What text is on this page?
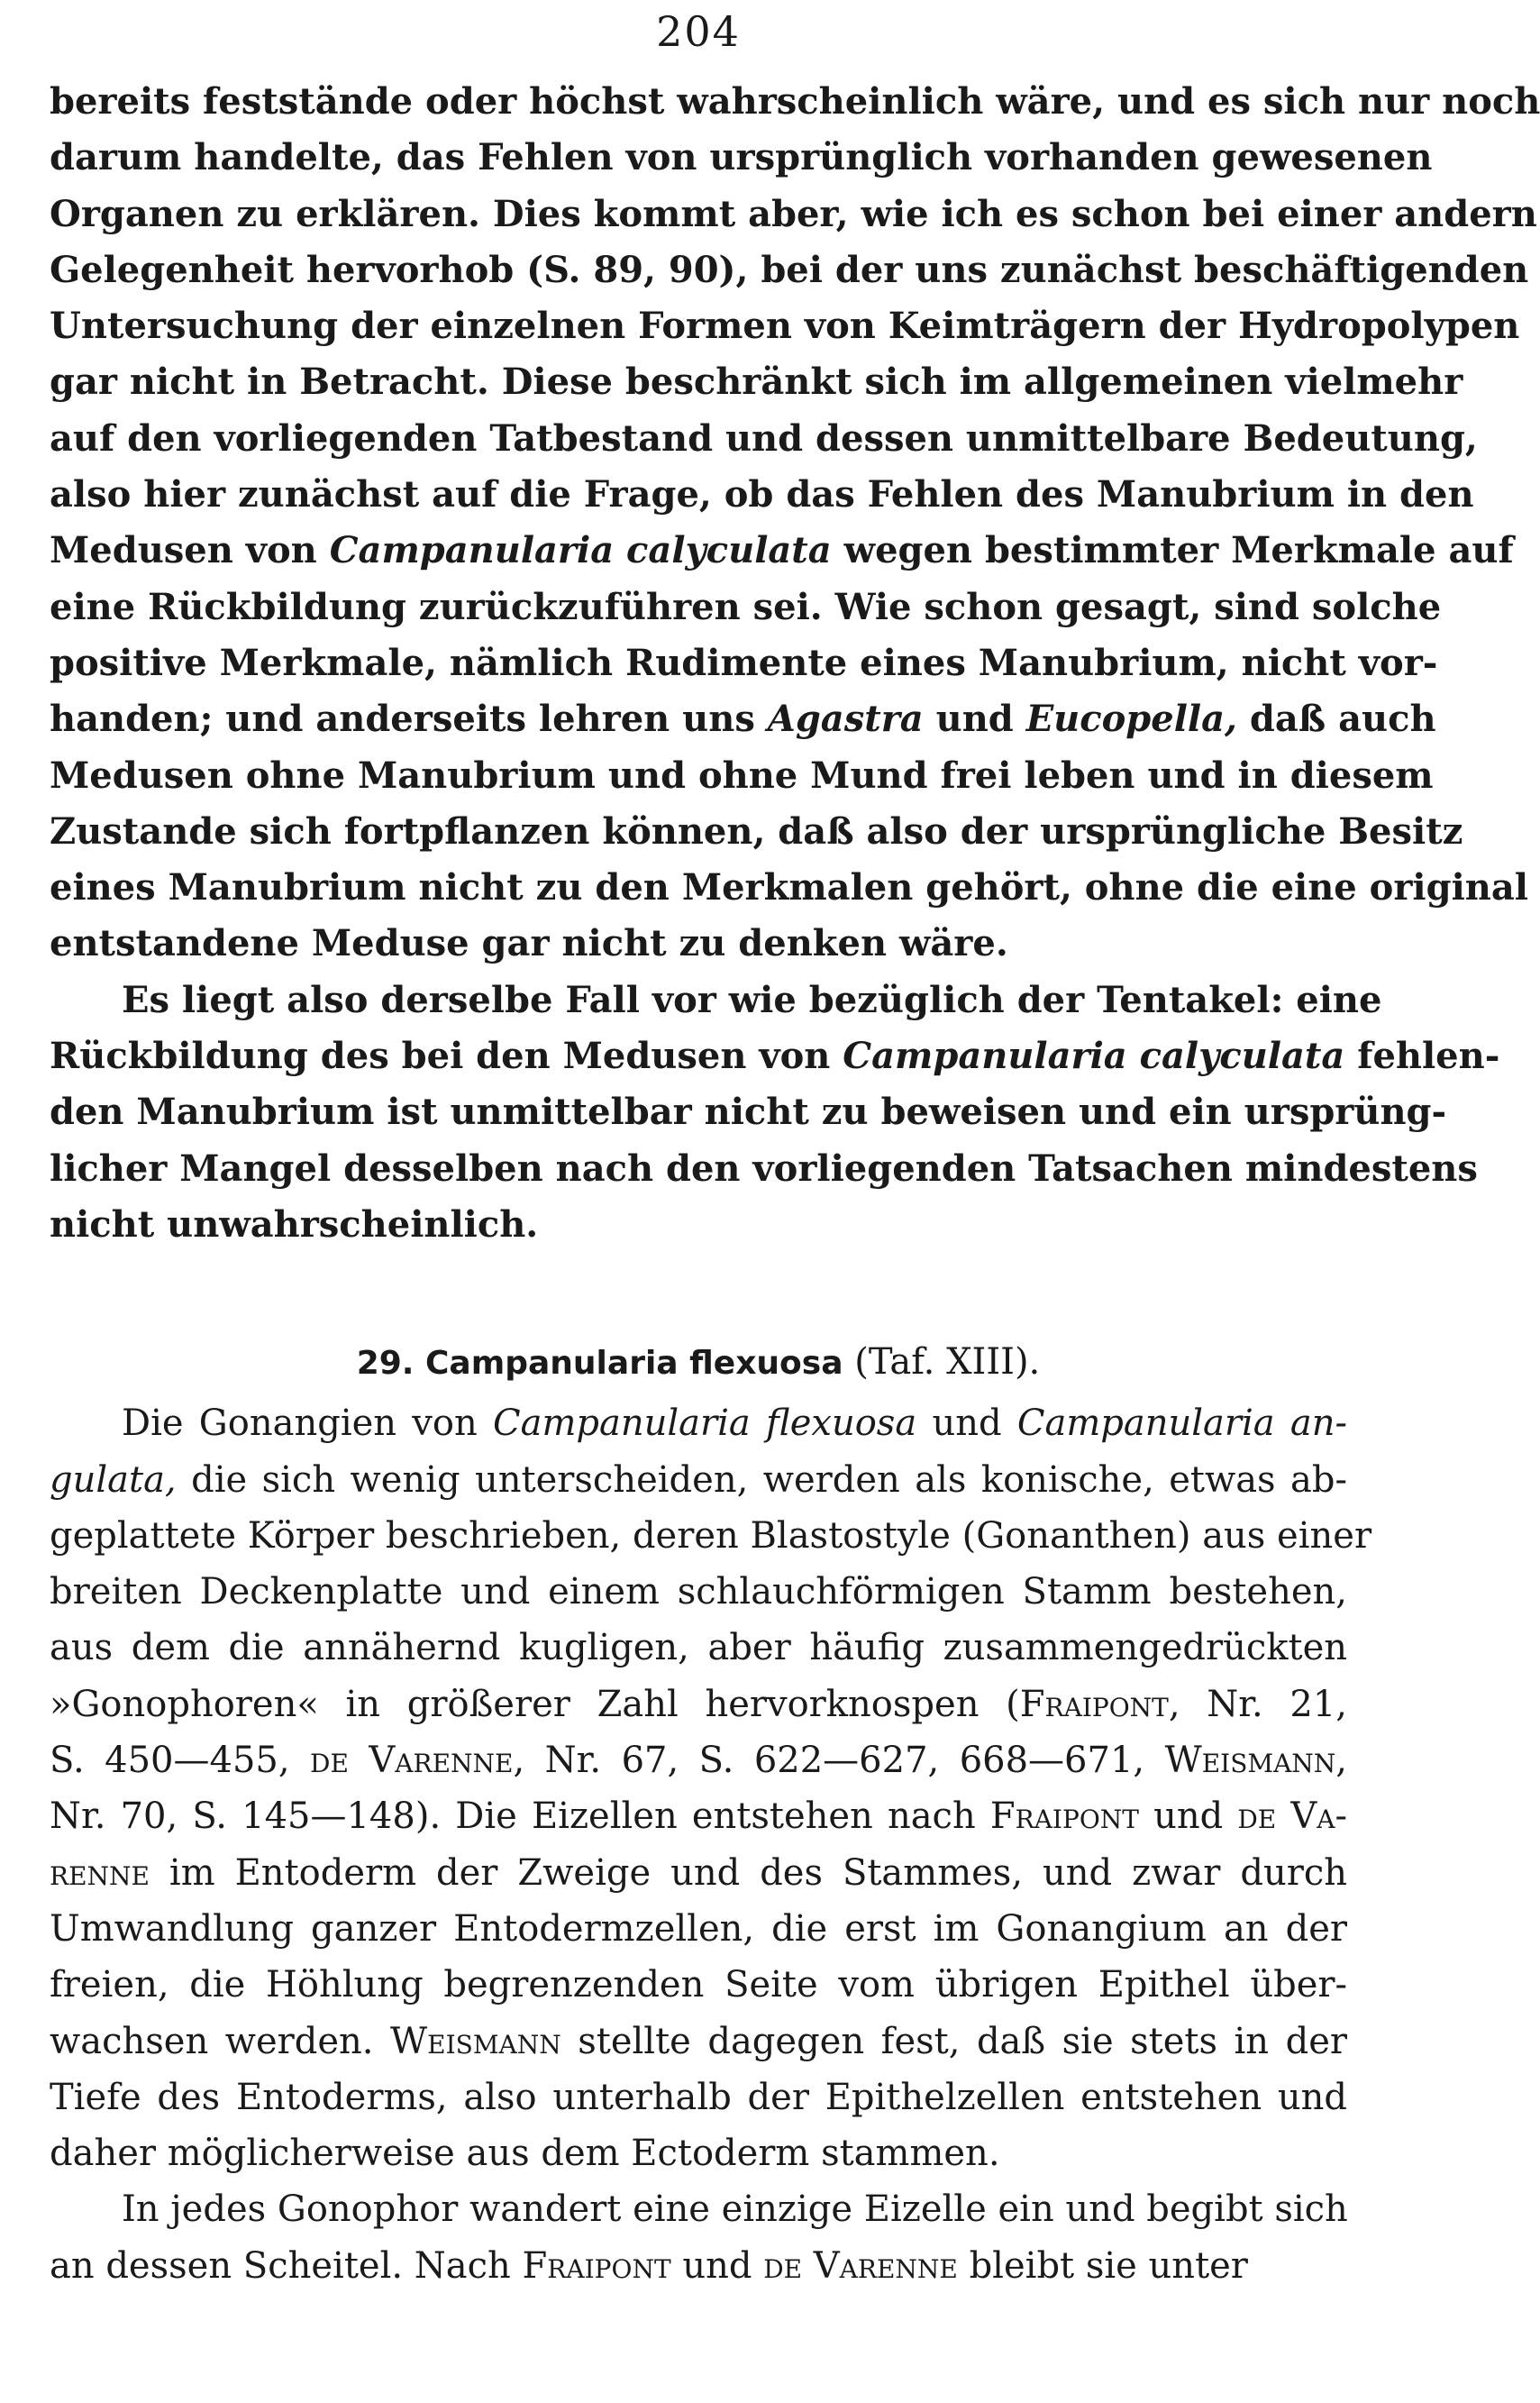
204
bereits feststände oder höchst wahrscheinlich wäre, und es sich nur noch
darum handelte, das Fehlen von ursprünglich vorhanden gewesenen
Organen zu erklären. Dies kommt aber, wie ich es schon bei einer andern
Gelegenheit hervorhob (S. 89, 90), bei der uns zunächst beschäftigenden
Untersuchung der einzelnen Formen von Keimträgern der Hydropolypen
gar nicht in Betracht. Diese beschränkt sich im allgemeinen vielmehr
auf den vorliegenden Tatbestand und dessen unmittelbare Bedeutung,
also hier zunächst auf die Frage, ob das Fehlen des Manubrium in den
Medusen von Campanularia calyculata wegen bestimmter Merkmale auf
eine Rückbildung zurückzuführen sei. Wie schon gesagt, sind solche
positive Merkmale, nämlich Rudimente eines Manubrium, nicht vor-
handen; und anderseits lehren uns Agastra und Eucopella, daß auch
Medusen ohne Manubrium und ohne Mund frei leben und in diesem
Zustande sich fortpflanzen können, daß also der ursprüngliche Besitz
eines Manubrium nicht zu den Merkmalen gehört, ohne die eine original
entstandene Meduse gar nicht zu denken wäre.
Es liegt also derselbe Fall vor wie bezüglich der Tentakel: eine
Rückbildung des bei den Medusen von Campanularia calyculata fehlen-
den Manubrium ist unmittelbar nicht zu beweisen und ein ursprüng-
licher Mangel desselben nach den vorliegenden Tatsachen mindestens
nicht unwahrscheinlich.
29. Campanularia flexuosa (Taf. XIII).
Die Gonangien von Campanularia flexuosa und Campanularia an-
gulata, die sich wenig unterscheiden, werden als konische, etwas ab-
geplattete Körper beschrieben, deren Blastostyle (Gonanthen) aus einer
breiten Deckenplatte und einem schlauchförmigen Stamm bestehen,
aus dem die annähernd kugligen, aber häufig zusammengedrückten
»Gonophoren« in größerer Zahl hervorknospen (Fraipont, Nr. 21,
S. 450—455, de Varenne, Nr. 67, S. 622—627, 668—671, Weismann,
Nr. 70, S. 145—148). Die Eizellen entstehen nach Fraipont und de Va-
renne im Entoderm der Zweige und des Stammes, und zwar durch
Umwandlung ganzer Entodermzellen, die erst im Gonangium an der
freien, die Höhlung begrenzenden Seite vom übrigen Epithel über-
wachsen werden. Weismann stellte dagegen fest, daß sie stets in der
Tiefe des Entoderms, also unterhalb der Epithelzellen entstehen und
daher möglicherweise aus dem Ectoderm stammen.
In jedes Gonophor wandert eine einzige Eizelle ein und begibt sich
an dessen Scheitel. Nach Fraipont und de Varenne bleibt sie unter
